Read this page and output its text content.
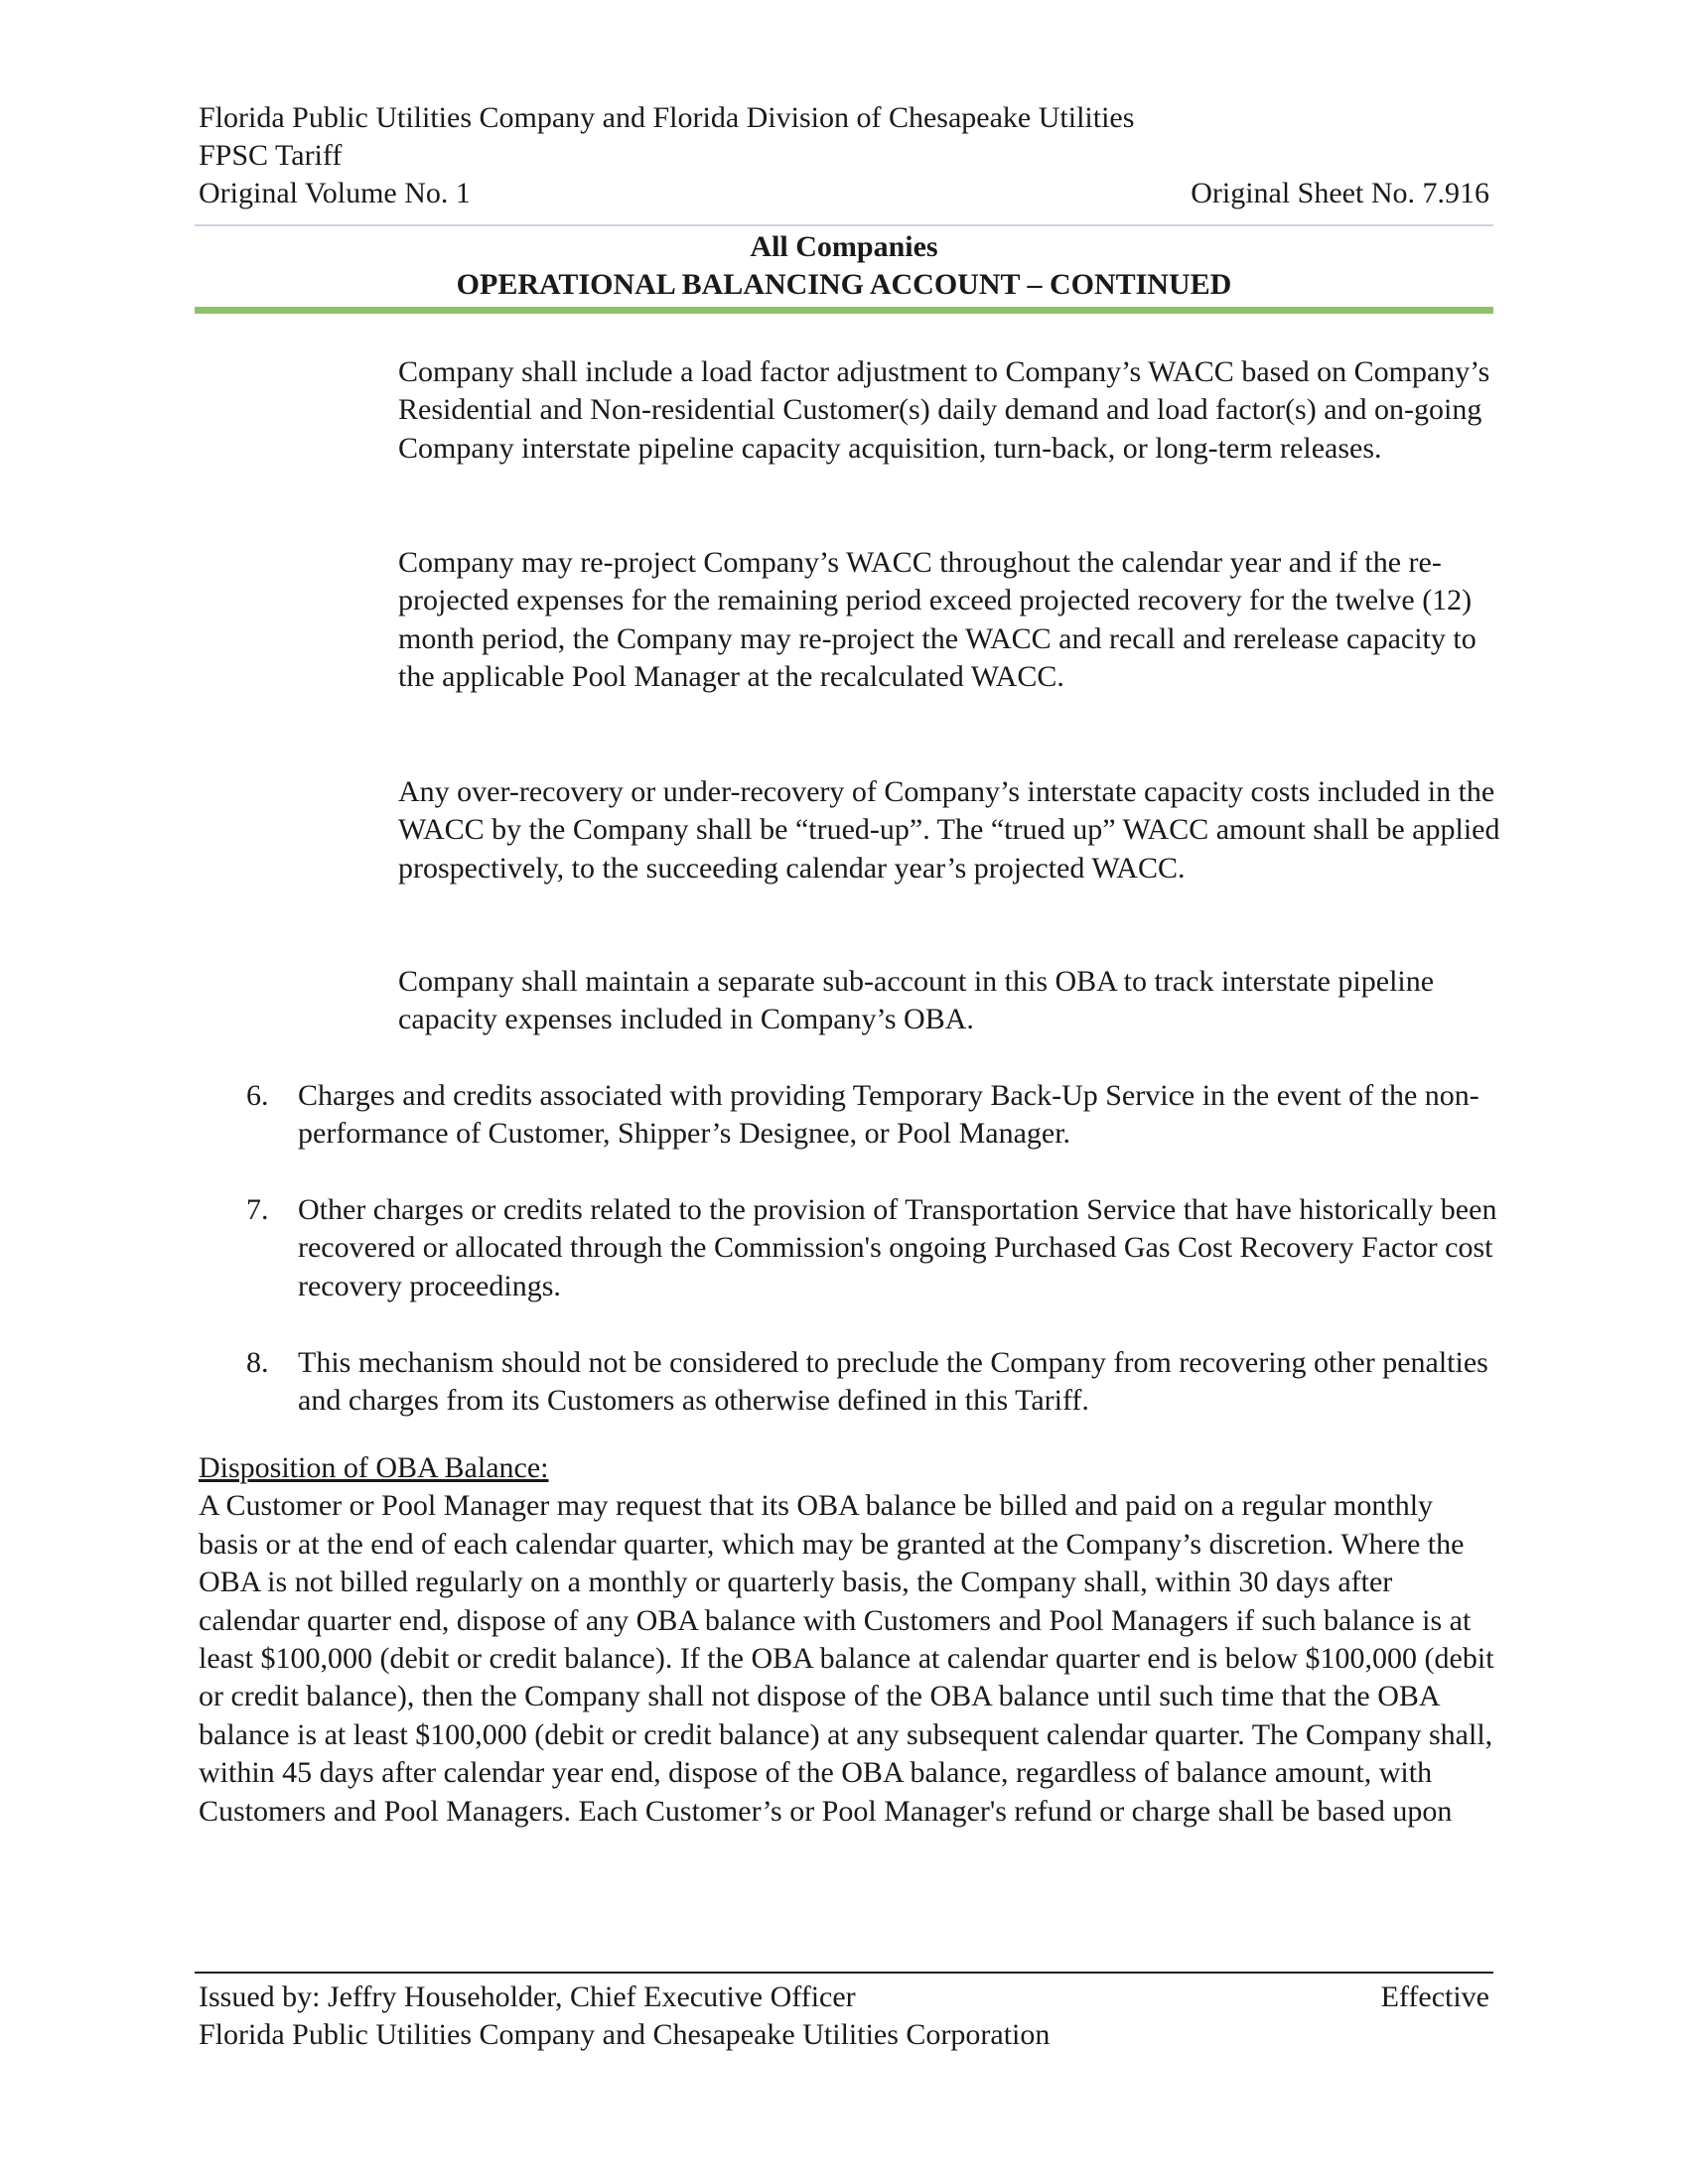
Florida Public Utilities Company and Florida Division of Chesapeake Utilities
FPSC Tariff
Original Volume No. 1	Original Sheet No. 7.916
All Companies
OPERATIONAL BALANCING ACCOUNT – CONTINUED

Company shall include a load factor adjustment to Company’s WACC based on Company’s Residential and Non-residential Customer(s) daily demand and load factor(s) and on-going Company interstate pipeline capacity acquisition, turn-back, or long-term releases.

Company may re-project Company’s WACC throughout the calendar year and if the re-projected expenses for the remaining period exceed projected recovery for the twelve (12) month period, the Company may re-project the WACC and recall and rerelease capacity to the applicable Pool Manager at the recalculated WACC.

Any over-recovery or under-recovery of Company’s interstate capacity costs included in the WACC by the Company shall be “trued-up”. The “trued up” WACC amount shall be applied prospectively, to the succeeding calendar year’s projected WACC.

Company shall maintain a separate sub-account in this OBA to track interstate pipeline capacity expenses included in Company’s OBA.

6. Charges and credits associated with providing Temporary Back-Up Service in the event of the non-performance of Customer, Shipper’s Designee, or Pool Manager.
7. Other charges or credits related to the provision of Transportation Service that have historically been recovered or allocated through the Commission's ongoing Purchased Gas Cost Recovery Factor cost recovery proceedings.
8. This mechanism should not be considered to preclude the Company from recovering other penalties and charges from its Customers as otherwise defined in this Tariff.
Disposition of OBA Balance:

A Customer or Pool Manager may request that its OBA balance be billed and paid on a regular monthly basis or at the end of each calendar quarter, which may be granted at the Company’s discretion. Where the OBA is not billed regularly on a monthly or quarterly basis, the Company shall, within 30 days after calendar quarter end, dispose of any OBA balance with Customers and Pool Managers if such balance is at least $100,000 (debit or credit balance). If the OBA balance at calendar quarter end is below $100,000 (debit or credit balance), then the Company shall not dispose of the OBA balance until such time that the OBA balance is at least $100,000 (debit or credit balance) at any subsequent calendar quarter. The Company shall, within 45 days after calendar year end, dispose of the OBA balance, regardless of balance amount, with Customers and Pool Managers. Each Customer’s or Pool Manager's refund or charge shall be based upon

Issued by: Jeffry Householder, Chief Executive Officer	Effective
Florida Public Utilities Company and Chesapeake Utilities Corporation
